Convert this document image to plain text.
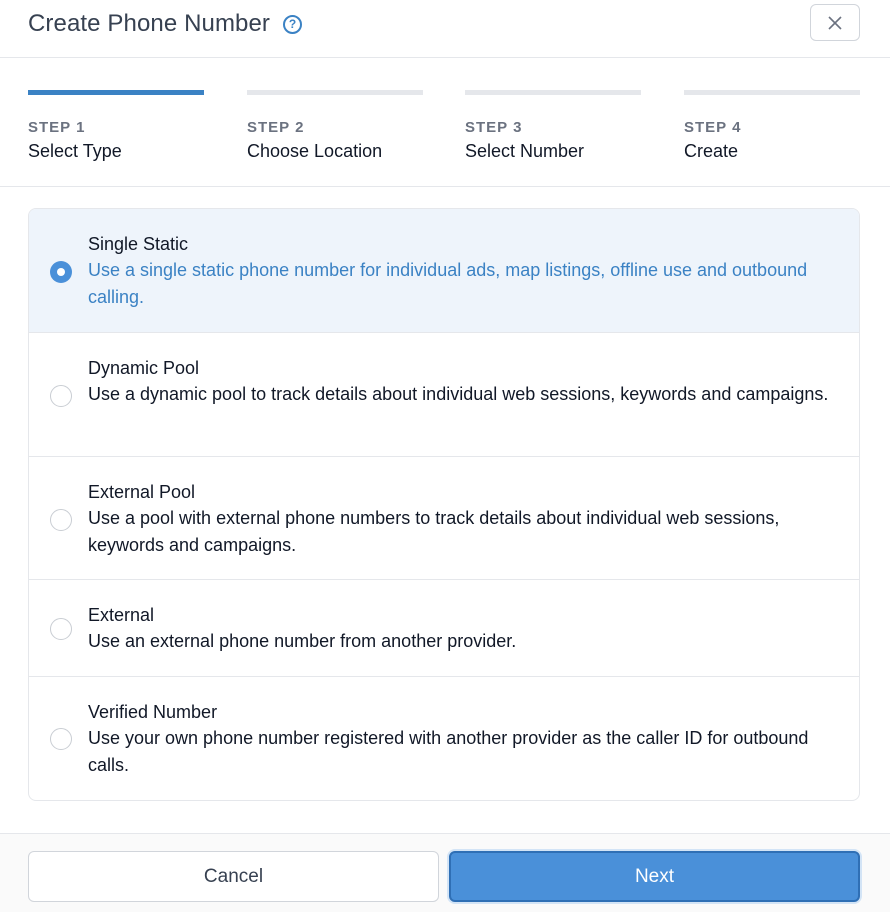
Create Phone Number	?
STEP 1
Select Type
STEP 2
Choose Location
STEP 3
Select Number
STEP 4
Create
Single Static
Use a single static phone number for individual ads, map listings, offline use and outbound calling.
Dynamic Pool
Use a dynamic pool to track details about individual web sessions, keywords and campaigns.
External Pool
Use a pool with external phone numbers to track details about individual web sessions, keywords and campaigns.
External
Use an external phone number from another provider.
Verified Number
Use your own phone number registered with another provider as the caller ID for outbound calls.
Cancel	Next
